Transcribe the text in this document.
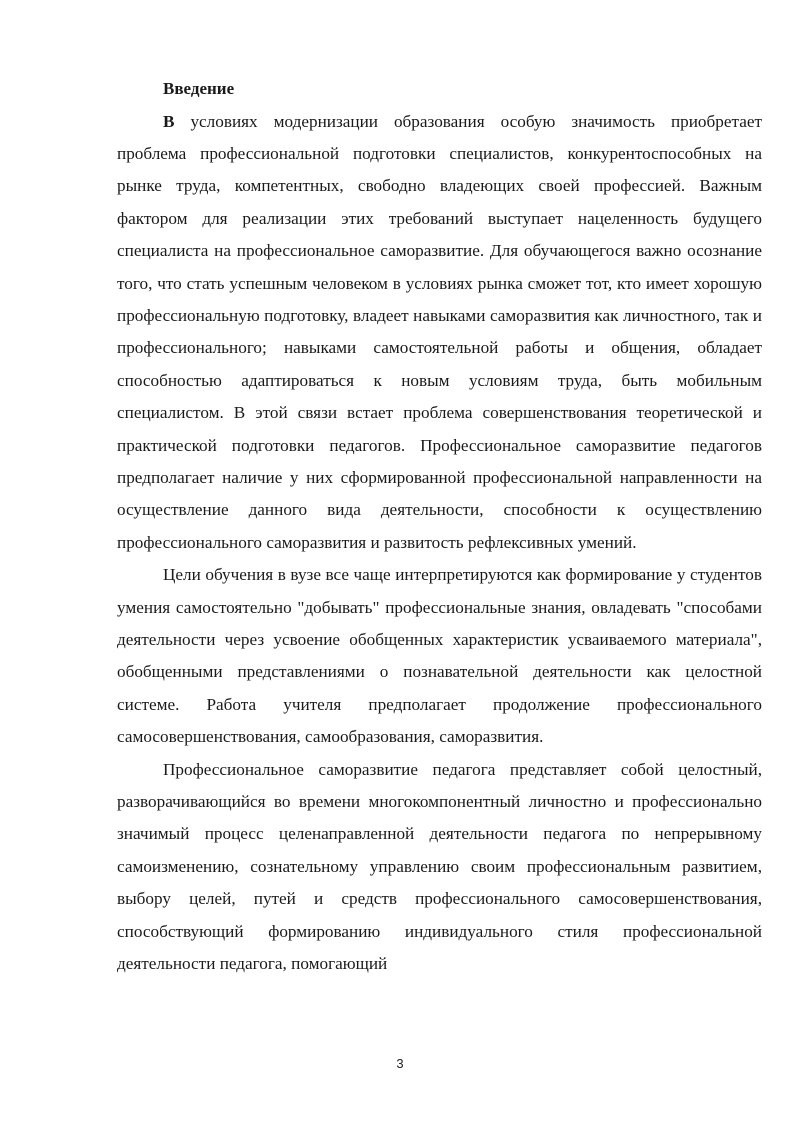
Введение

В условиях модернизации образования особую значимость приобретает проблема профессиональной подготовки специалистов, конкурентоспособных на рынке труда, компетентных, свободно владеющих своей профессией. Важным фактором для реализации этих требований выступает нацеленность будущего специалиста на профессиональное саморазвитие. Для обучающегося важно осознание того, что стать успешным человеком в условиях рынка сможет тот, кто имеет хорошую профессиональную подготовку, владеет навыками саморазвития как личностного, так и профессионального; навыками самостоятельной работы и общения, обладает способностью адаптироваться к новым условиям труда, быть мобильным специалистом. В этой связи встает проблема совершенствования теоретической и практической подготовки педагогов. Профессиональное саморазвитие педагогов предполагает наличие у них сформированной профессиональной направленности на осуществление данного вида деятельности, способности к осуществлению профессионального саморазвития и развитость рефлексивных умений.

Цели обучения в вузе все чаще интерпретируются как формирование у студентов умения самостоятельно "добывать" профессиональные знания, овладевать "способами деятельности через усвоение обобщенных характеристик усваиваемого материала", обобщенными представлениями о познавательной деятельности как целостной системе. Работа учителя предполагает продолжение профессионального самосовершенствования, самообразования, саморазвития.

Профессиональное саморазвитие педагога представляет собой целостный, разворачивающийся во времени многокомпонентный личностно и профессионально значимый процесс целенаправленной деятельности педагога по непрерывному самоизменению, сознательному управлению своим профессиональным развитием, выбору целей, путей и средств профессионального самосовершенствования, способствующий формированию индивидуального стиля профессиональной деятельности педагога, помогающий

3
